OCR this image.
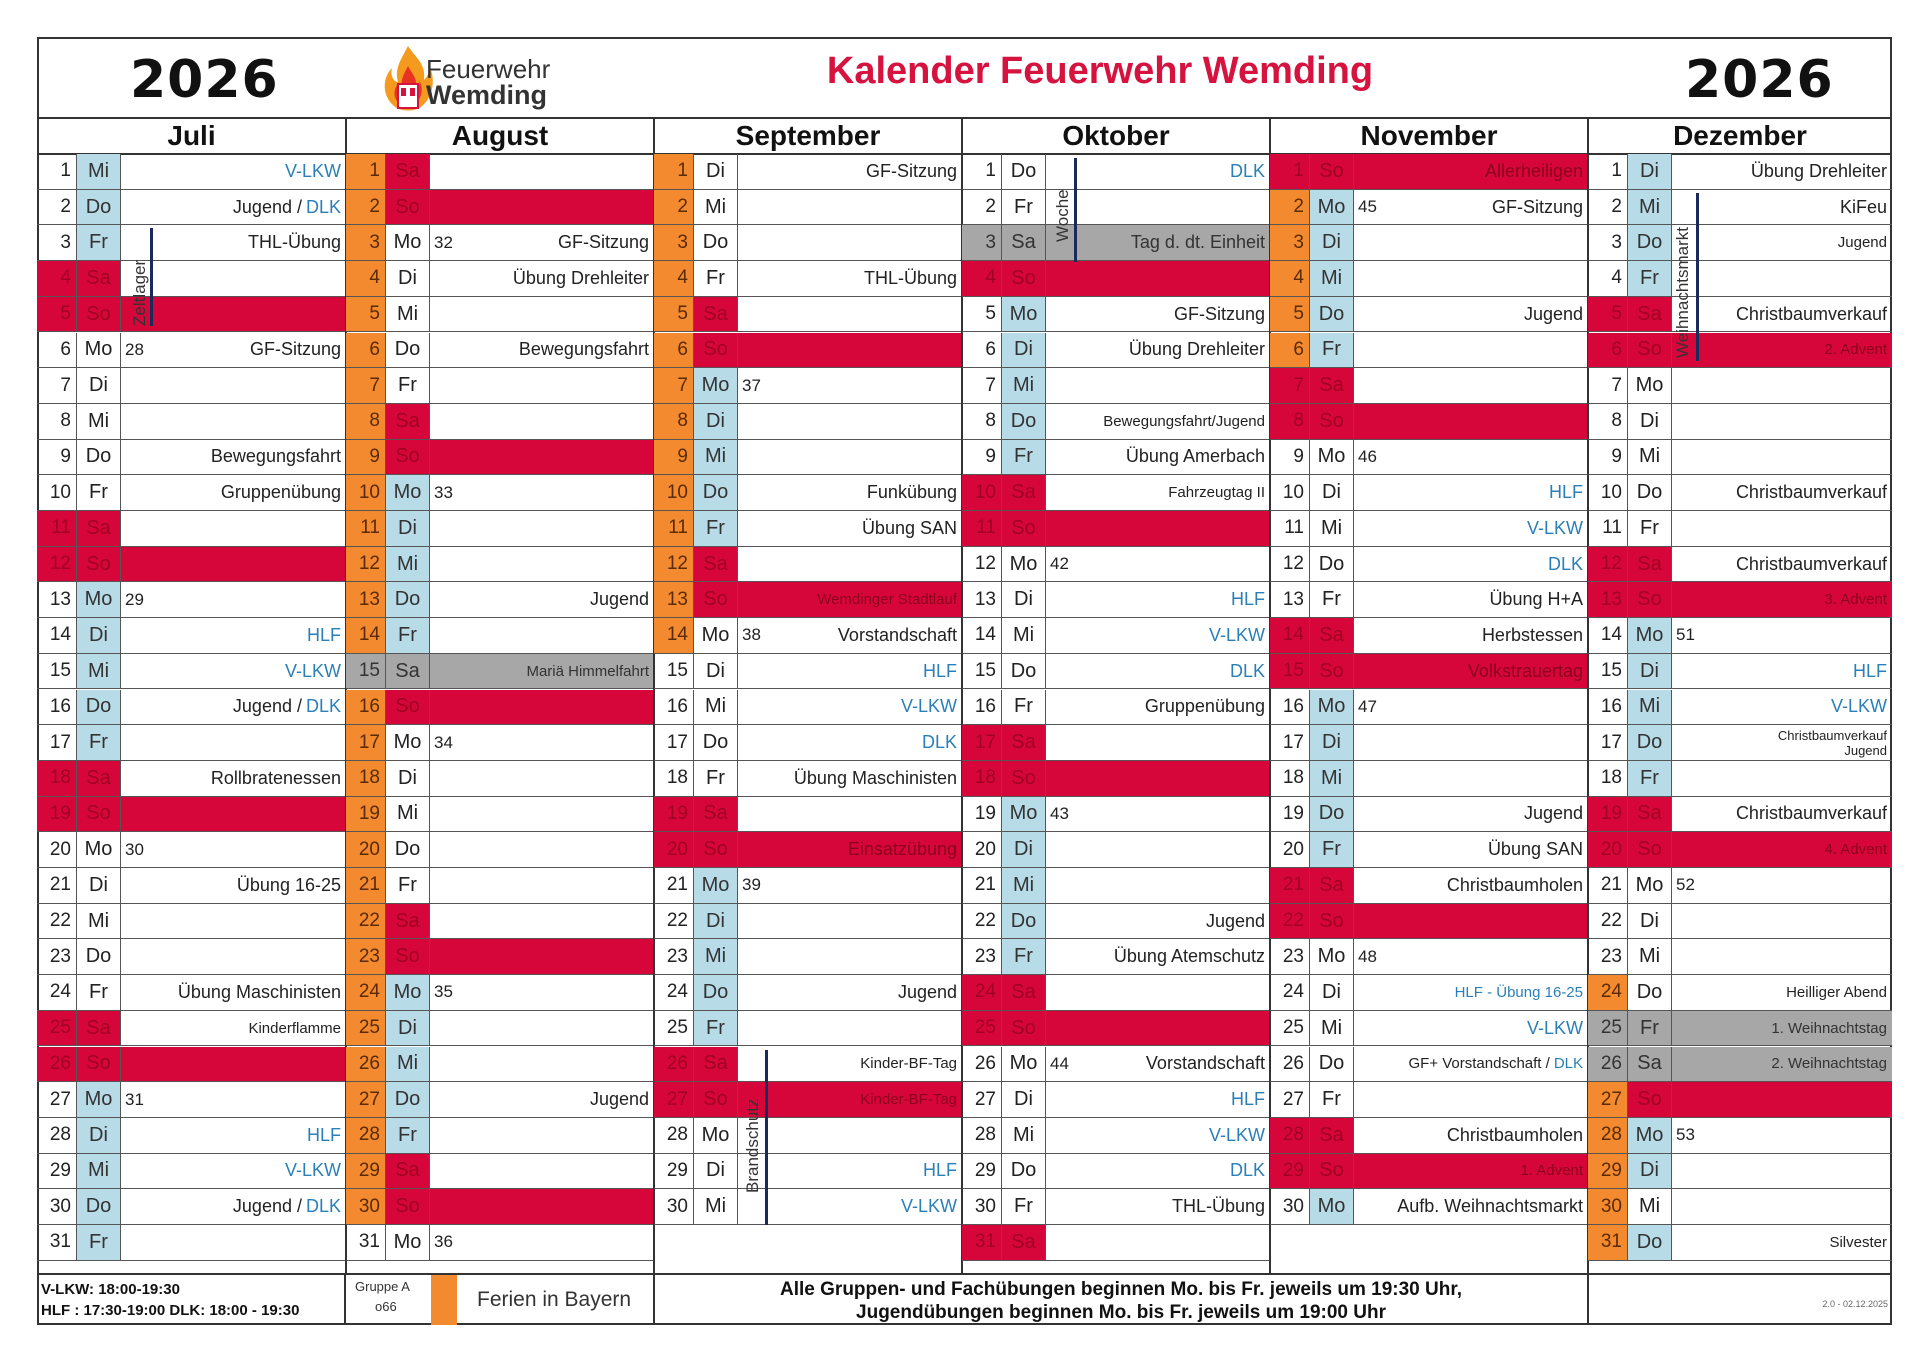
2026	2026
Kalender Feuerwehr Wemding
Feuerwehr
Wemding
Juli
1 Mi	V-LKW
2 Do	Jugend / DLK
3 Fr	THL-Übung
4 Sa
5 So
6 Mo 28	GF-Sitzung
7 Di
8 Mi
9 Do	Bewegungsfahrt
10 Fr	Gruppenübung
11 Sa
12 So
13 Mo 29
14 Di	HLF
15 Mi	V-LKW
16 Do	Jugend / DLK
17 Fr
18 Sa	Rollbratenessen
19 So
20 Mo 30
21 Di	Übung 16-25
22 Mi
23 Do
24 Fr	Übung Maschinisten
25 Sa	Kinderflamme
26 So
27 Mo 31
28 Di	HLF
29 Mi	V-LKW
30 Do	Jugend / DLK
31 Fr
August
1 Sa
2 So
3 Mo 32	GF-Sitzung
4 Di	Übung Drehleiter
5 Mi
6 Do	Bewegungsfahrt
7 Fr
8 Sa
9 So
10 Mo 33
11 Di
12 Mi
13 Do	Jugend
14 Fr
15 Sa	Mariä Himmelfahrt
16 So
17 Mo 34
18 Di
19 Mi
20 Do
21 Fr
22 Sa
23 So
24 Mo 35
25 Di
26 Mi
27 Do	Jugend
28 Fr
29 Sa
30 So
31 Mo 36
September
1 Di	GF-Sitzung
2 Mi
3 Do
4 Fr	THL-Übung
5 Sa
6 So
7 Mo 37
8 Di
9 Mi
10 Do	Funkübung
11 Fr	Übung SAN
12 Sa
13 So	Wemdinger Stadtlauf
14 Mo 38	Vorstandschaft
15 Di	HLF
16 Mi	V-LKW
17 Do	DLK
18 Fr	Übung Maschinisten
19 Sa
20 So	Einsatzübung
21 Mo 39
22 Di
23 Mi
24 Do	Jugend
25 Fr
26 Sa	Kinder-BF-Tag
27 So	Kinder-BF-Tag
28 Mo
29 Di	HLF
30 Mi	V-LKW
Oktober
1 Do	DLK
2 Fr
3 Sa	Tag d. dt. Einheit
4 So
5 Mo	GF-Sitzung
6 Di	Übung Drehleiter
7 Mi
8 Do	Bewegungsfahrt/Jugend
9 Fr	Übung Amerbach
10 Sa	Fahrzeugtag II
11 So
12 Mo 42
13 Di	HLF
14 Mi	V-LKW
15 Do	DLK
16 Fr	Gruppenübung
17 Sa
18 So
19 Mo 43
20 Di
21 Mi
22 Do	Jugend
23 Fr	Übung Atemschutz
24 Sa
25 So
26 Mo 44	Vorstandschaft
27 Di	HLF
28 Mi	V-LKW
29 Do	DLK
30 Fr	THL-Übung
31 Sa
November
1 So	Allerheiligen
2 Mo 45	GF-Sitzung
3 Di
4 Mi
5 Do	Jugend
6 Fr
7 Sa
8 So
9 Mo 46
10 Di	HLF
11 Mi	V-LKW
12 Do	DLK
13 Fr	Übung H+A
14 Sa	Herbstessen
15 So	Volkstrauertag
16 Mo 47
17 Di
18 Mi
19 Do	Jugend
20 Fr	Übung SAN
21 Sa	Christbaumholen
22 So
23 Mo 48
24 Di	HLF - Übung 16-25
25 Mi	V-LKW
26 Do	GF+ Vorstandschaft / DLK
27 Fr
28 Sa	Christbaumholen
29 So	1. Advent
30 Mo	Aufb. Weihnachtsmarkt
Dezember
1 Di	Übung Drehleiter
2 Mi	KiFeu
3 Do	Jugend
4 Fr
5 Sa	Christbaumverkauf
6 So	2. Advent
7 Mo
8 Di
9 Mi
10 Do	Christbaumverkauf
11 Fr
12 Sa	Christbaumverkauf
13 So	3. Advent
14 Mo 51
15 Di	HLF
16 Mi	V-LKW
17 Do	Christbaumverkauf
Jugend
18 Fr
19 Sa	Christbaumverkauf
20 So	4. Advent
21 Mo 52
22 Di
23 Mi
24 Do	Heilliger Abend
25 Fr	1. Weihnachtstag
26 Sa	2. Weihnachtstag
27 So
28 Mo 53
29 Di
30 Mi
31 Do	Silvester
Zeltlager
Woche
Brandschutz
Weihnachtsmarkt
V-LKW: 18:00-19:30
HLF : 17:30-19:00 DLK: 18:00 - 19:30
Gruppe A
o66	Ferien in Bayern	Alle Gruppen- und Fachübungen beginnen Mo. bis Fr. jeweils um 19:30 Uhr,
Jugendübungen beginnen Mo. bis Fr. jeweils um 19:00 Uhr	2.0 - 02.12.2025
